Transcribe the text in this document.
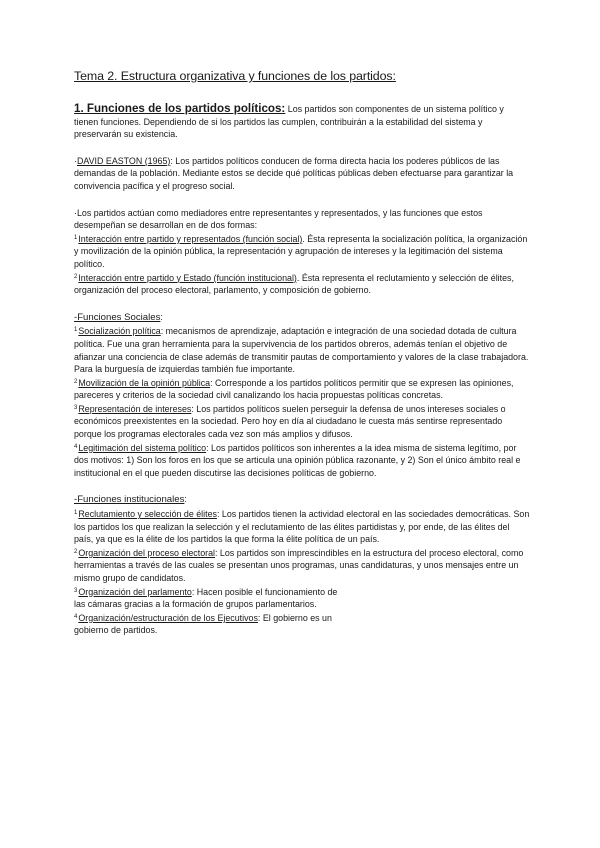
Tema 2. Estructura organizativa y funciones de los partidos:

1. Funciones de los partidos políticos: Los partidos son componentes de un sistema político y tienen funciones. Dependiendo de si los partidos las cumplen, contribuirán a la estabilidad del sistema y preservarán su existencia.

·DAVID EASTON (1965): Los partidos políticos conducen de forma directa hacia los poderes públicos de las demandas de la población. Mediante estos se decide qué políticas públicas deben efectuarse para garantizar la convivencia pacífica y el progreso social.

·Los partidos actúan como mediadores entre representantes y representados, y las funciones que estos desempeñan se desarrollan en de dos formas:

$^1$Interacción entre partido y representados (función social). Ésta representa la socialización política, la organización y movilización de la opinión pública, la representación y agrupación de intereses y la legitimación del sistema político.

$^2$Interacción entre partido y Estado (función institucional). Ésta representa el reclutamiento y selección de élites, organización del proceso electoral, parlamento, y composición de gobierno.

-Funciones Sociales:

$^1$Socialización política: mecanismos de aprendizaje, adaptación e integración de una sociedad dotada de cultura política. Fue una gran herramienta para la supervivencia de los partidos obreros, además tenían el objetivo de afianzar una conciencia de clase además de transmitir pautas de comportamiento y valores de la clase trabajadora. Para la burguesía de izquierdas también fue importante.

$^2$Movilización de la opinión pública: Corresponde a los partidos políticos permitir que se expresen las opiniones, pareceres y criterios de la sociedad civil canalizando los hacia propuestas políticas concretas.

$^3$Representación de intereses: Los partidos políticos suelen perseguir la defensa de unos intereses sociales o económicos preexistentes en la sociedad. Pero hoy en día al ciudadano le cuesta más sentirse representado porque los programas electorales cada vez son más amplios y difusos.

$^4$Legitimación del sistema político: Los partidos políticos son inherentes a la idea misma de sistema legítimo, por dos motivos: 1) Son los foros en los que se articula una opinión pública razonante, y 2) Son el único ámbito real e institucional en el que pueden discutirse las decisiones políticas de gobierno.

-Funciones institucionales:

$^1$Reclutamiento y selección de élites: Los partidos tienen la actividad electoral en las sociedades democráticas. Son los partidos los que realizan la selección y el reclutamiento de las élites partidistas y, por ende, de las élites del país, ya que es la élite de los partidos la que forma la élite política de un país.

$^2$Organización del proceso electoral: Los partidos son imprescindibles en la estructura del proceso electoral, como herramientas a través de las cuales se presentan unos programas, unas candidaturas, y unos mensajes entre un mismo grupo de candidatos.

$^3$Organización del parlamento: Hacen posible el funcionamiento de
las cámaras gracias a la formación de grupos parlamentarios.

$^4$Organización/estructuración de los Ejecutivos: El gobierno es un
gobierno de partidos.
